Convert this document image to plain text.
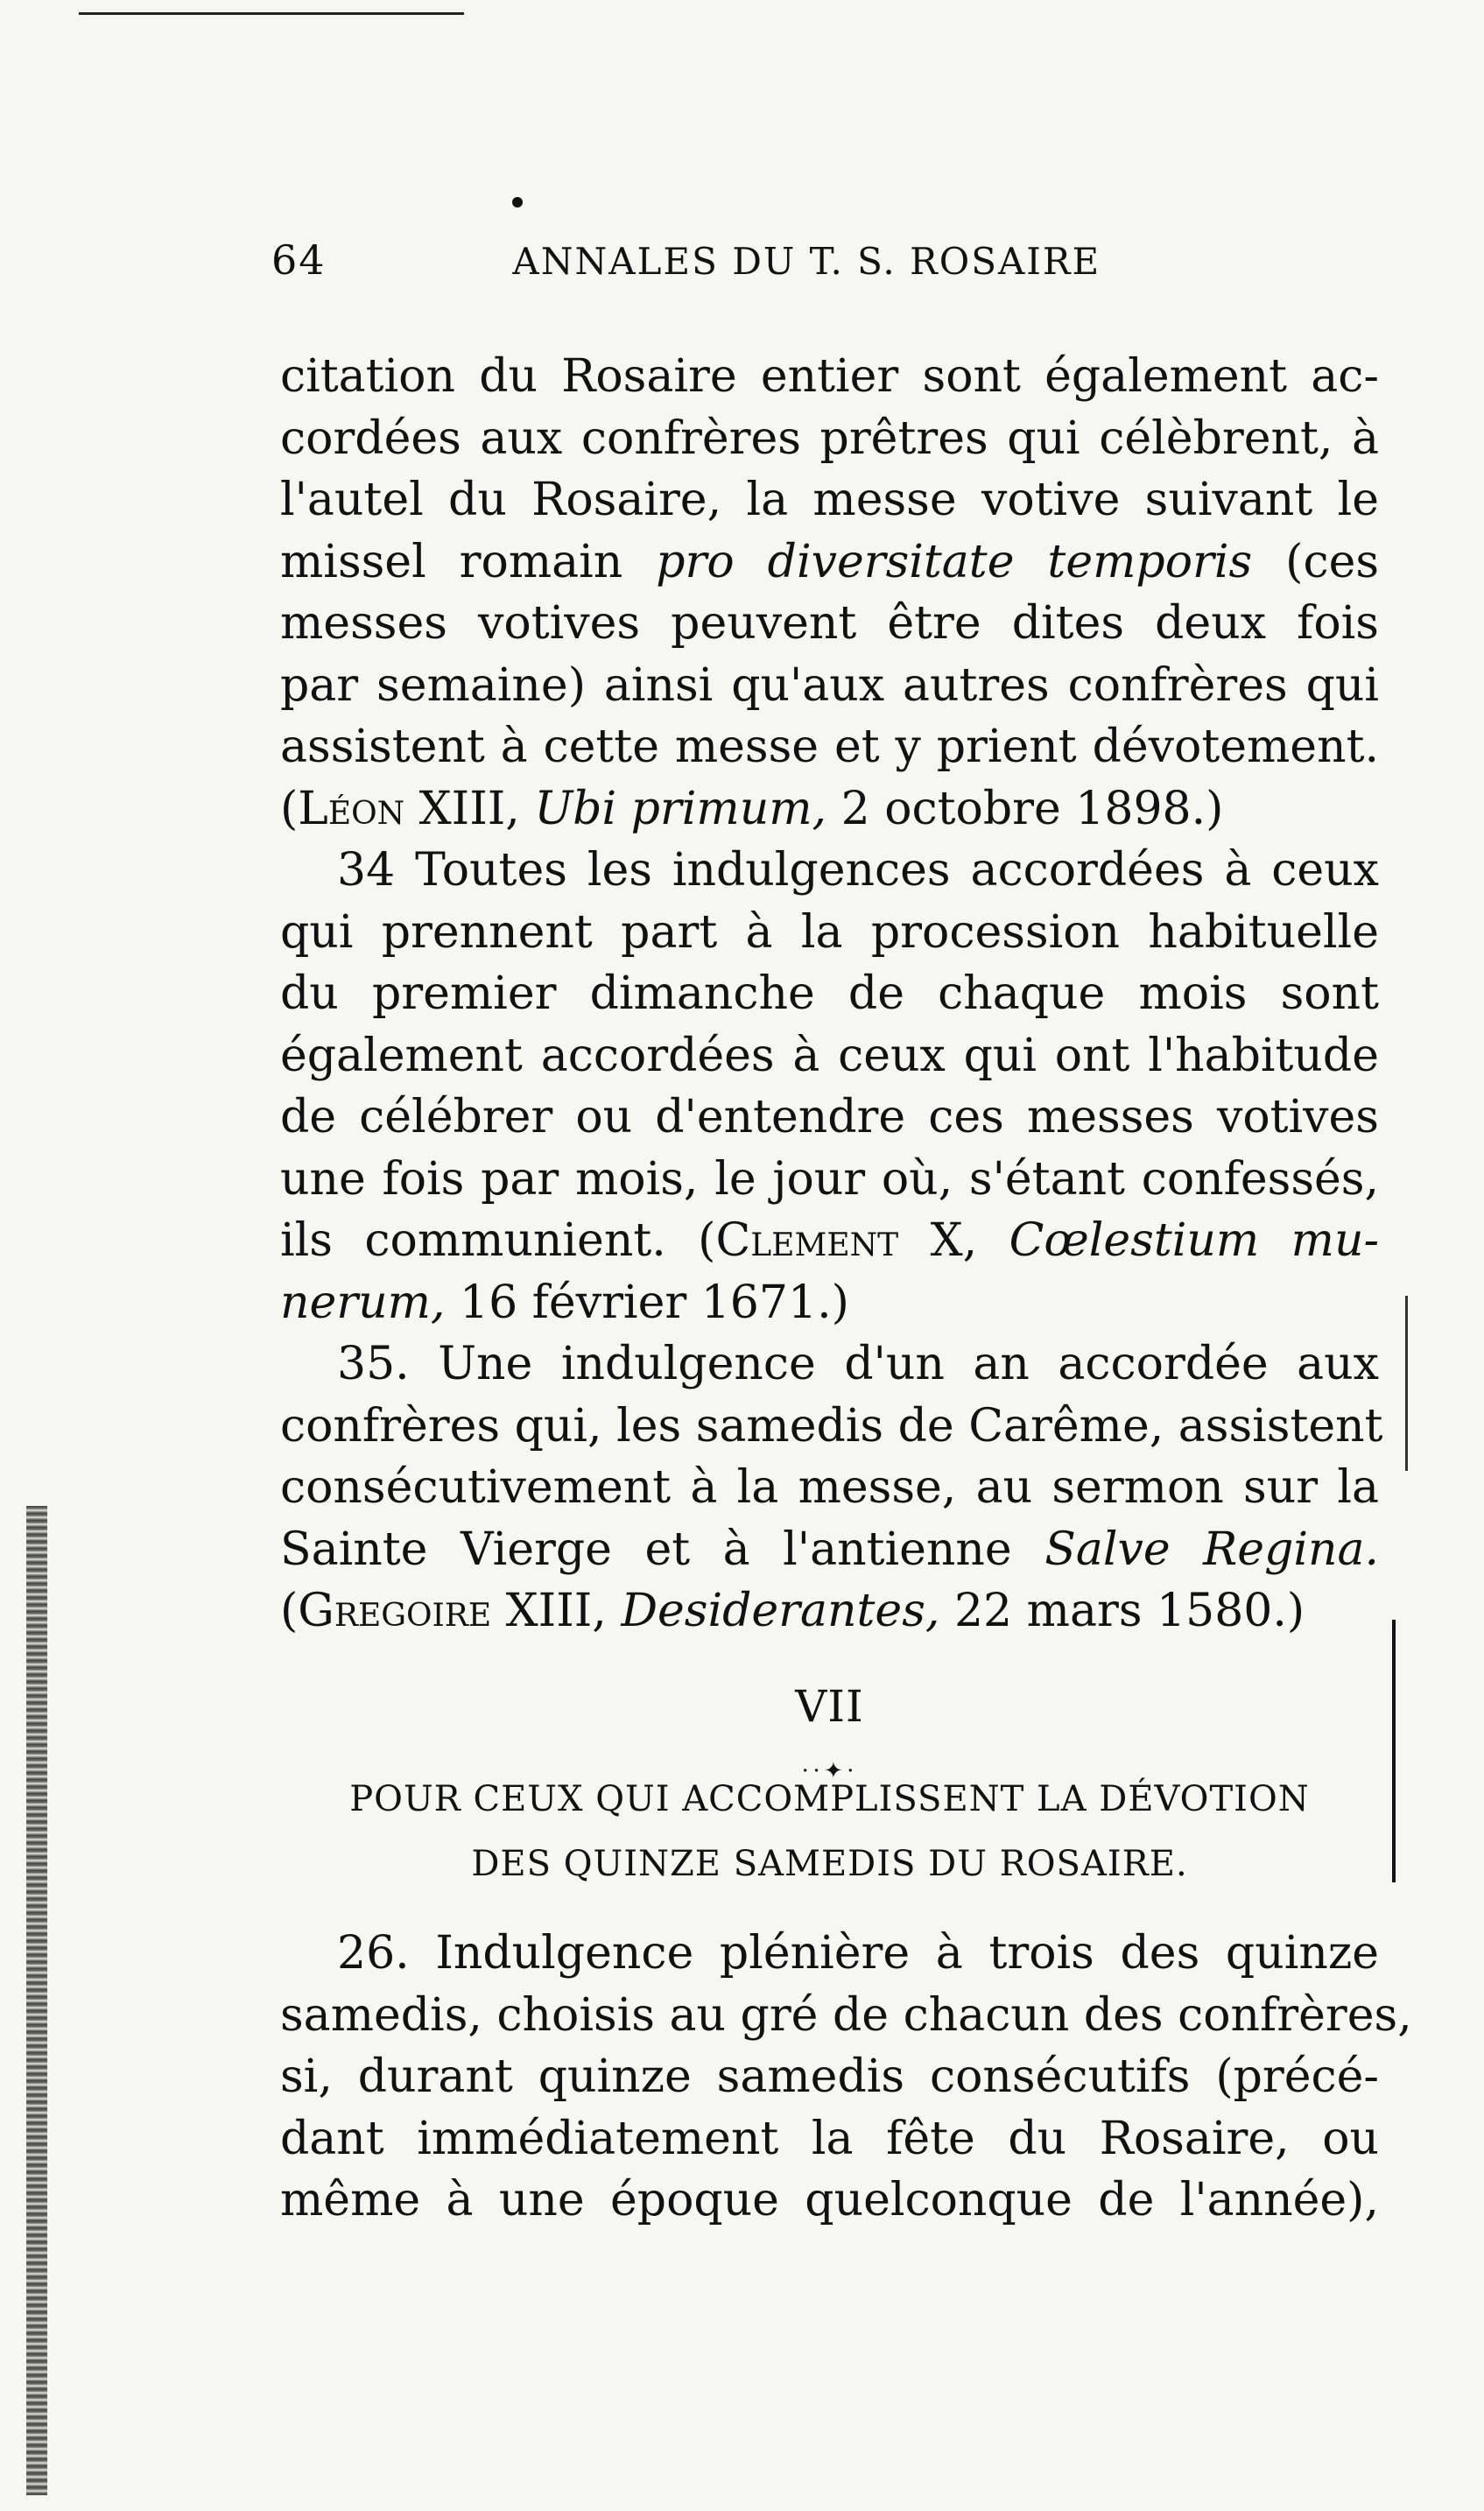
64	ANNALES DU T. S. ROSAIRE
citation du Rosaire entier sont également ac-
cordées aux confrères prêtres qui célèbrent, à
l'autel du Rosaire, la messe votive suivant le
missel romain pro diversitate temporis (ces
messes votives peuvent être dites deux fois
par semaine) ainsi qu'aux autres confrères qui
assistent à cette messe et y prient dévotement.
(Léon XIII, Ubi primum, 2 octobre 1898.)
34 Toutes les indulgences accordées à ceux
qui prennent part à la procession habituelle
du premier dimanche de chaque mois sont
également accordées à ceux qui ont l'habitude
de célébrer ou d'entendre ces messes votives
une fois par mois, le jour où, s'étant confessés,
ils communient. (Clement X, Cœlestium mu-
nerum, 16 février 1671.)
35. Une indulgence d'un an accordée aux
confrères qui, les samedis de Carême, assistent
consécutivement à la messe, au sermon sur la
Sainte Vierge et à l'antienne Salve Regina.
(Gregoire XIII, Desiderantes, 22 mars 1580.)
VII
⋅⋅✦⋅
POUR CEUX QUI ACCOMPLISSENT LA DÉVOTION
DES QUINZE SAMEDIS DU ROSAIRE.
26. Indulgence plénière à trois des quinze
samedis, choisis au gré de chacun des confrères,
si, durant quinze samedis consécutifs (précé-
dant immédiatement la fête du Rosaire, ou
même à une époque quelconque de l'année),
